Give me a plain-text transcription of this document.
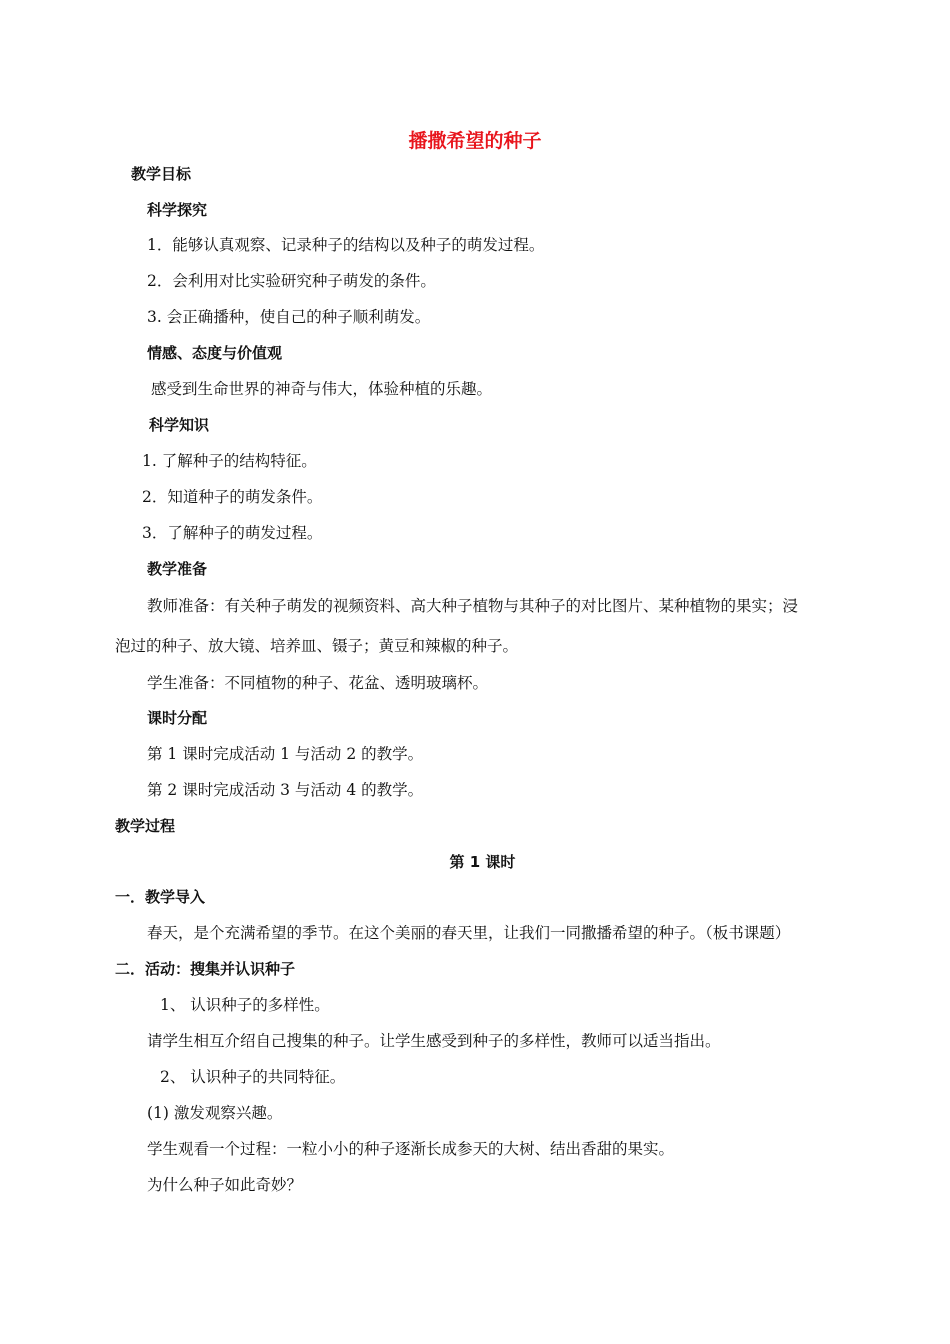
播撒希望的种子
教学目标
科学探究
1．能够认真观察、记录种子的结构以及种子的萌发过程。
2．会利用对比实验研究种子萌发的条件。
3. 会正确播种，使自己的种子顺利萌发。
情感、态度与价值观
感受到生命世界的神奇与伟大，体验种植的乐趣。
科学知识
1. 了解种子的结构特征。
2．知道种子的萌发条件。
3．了解种子的萌发过程。
教学准备
教师准备：有关种子萌发的视频资料、高大种子植物与其种子的对比图片、某种植物的果实；浸
泡过的种子、放大镜、培养皿、镊子；黄豆和辣椒的种子。
学生准备：不同植物的种子、花盆、透明玻璃杯。
课时分配
第 1 课时完成活动 1 与活动 2 的教学。
第 2 课时完成活动 3 与活动 4 的教学。
教学过程
第 1 课时
一．教学导入
春天，是个充满希望的季节。在这个美丽的春天里，让我们一同撒播希望的种子。（板书课题）
二．活动：搜集并认识种子
1、 认识种子的多样性。
请学生相互介绍自己搜集的种子。让学生感受到种子的多样性，教师可以适当指出。
2、 认识种子的共同特征。
(1) 激发观察兴趣。
学生观看一个过程：一粒小小的种子逐渐长成参天的大树、结出香甜的果实。
为什么种子如此奇妙？
